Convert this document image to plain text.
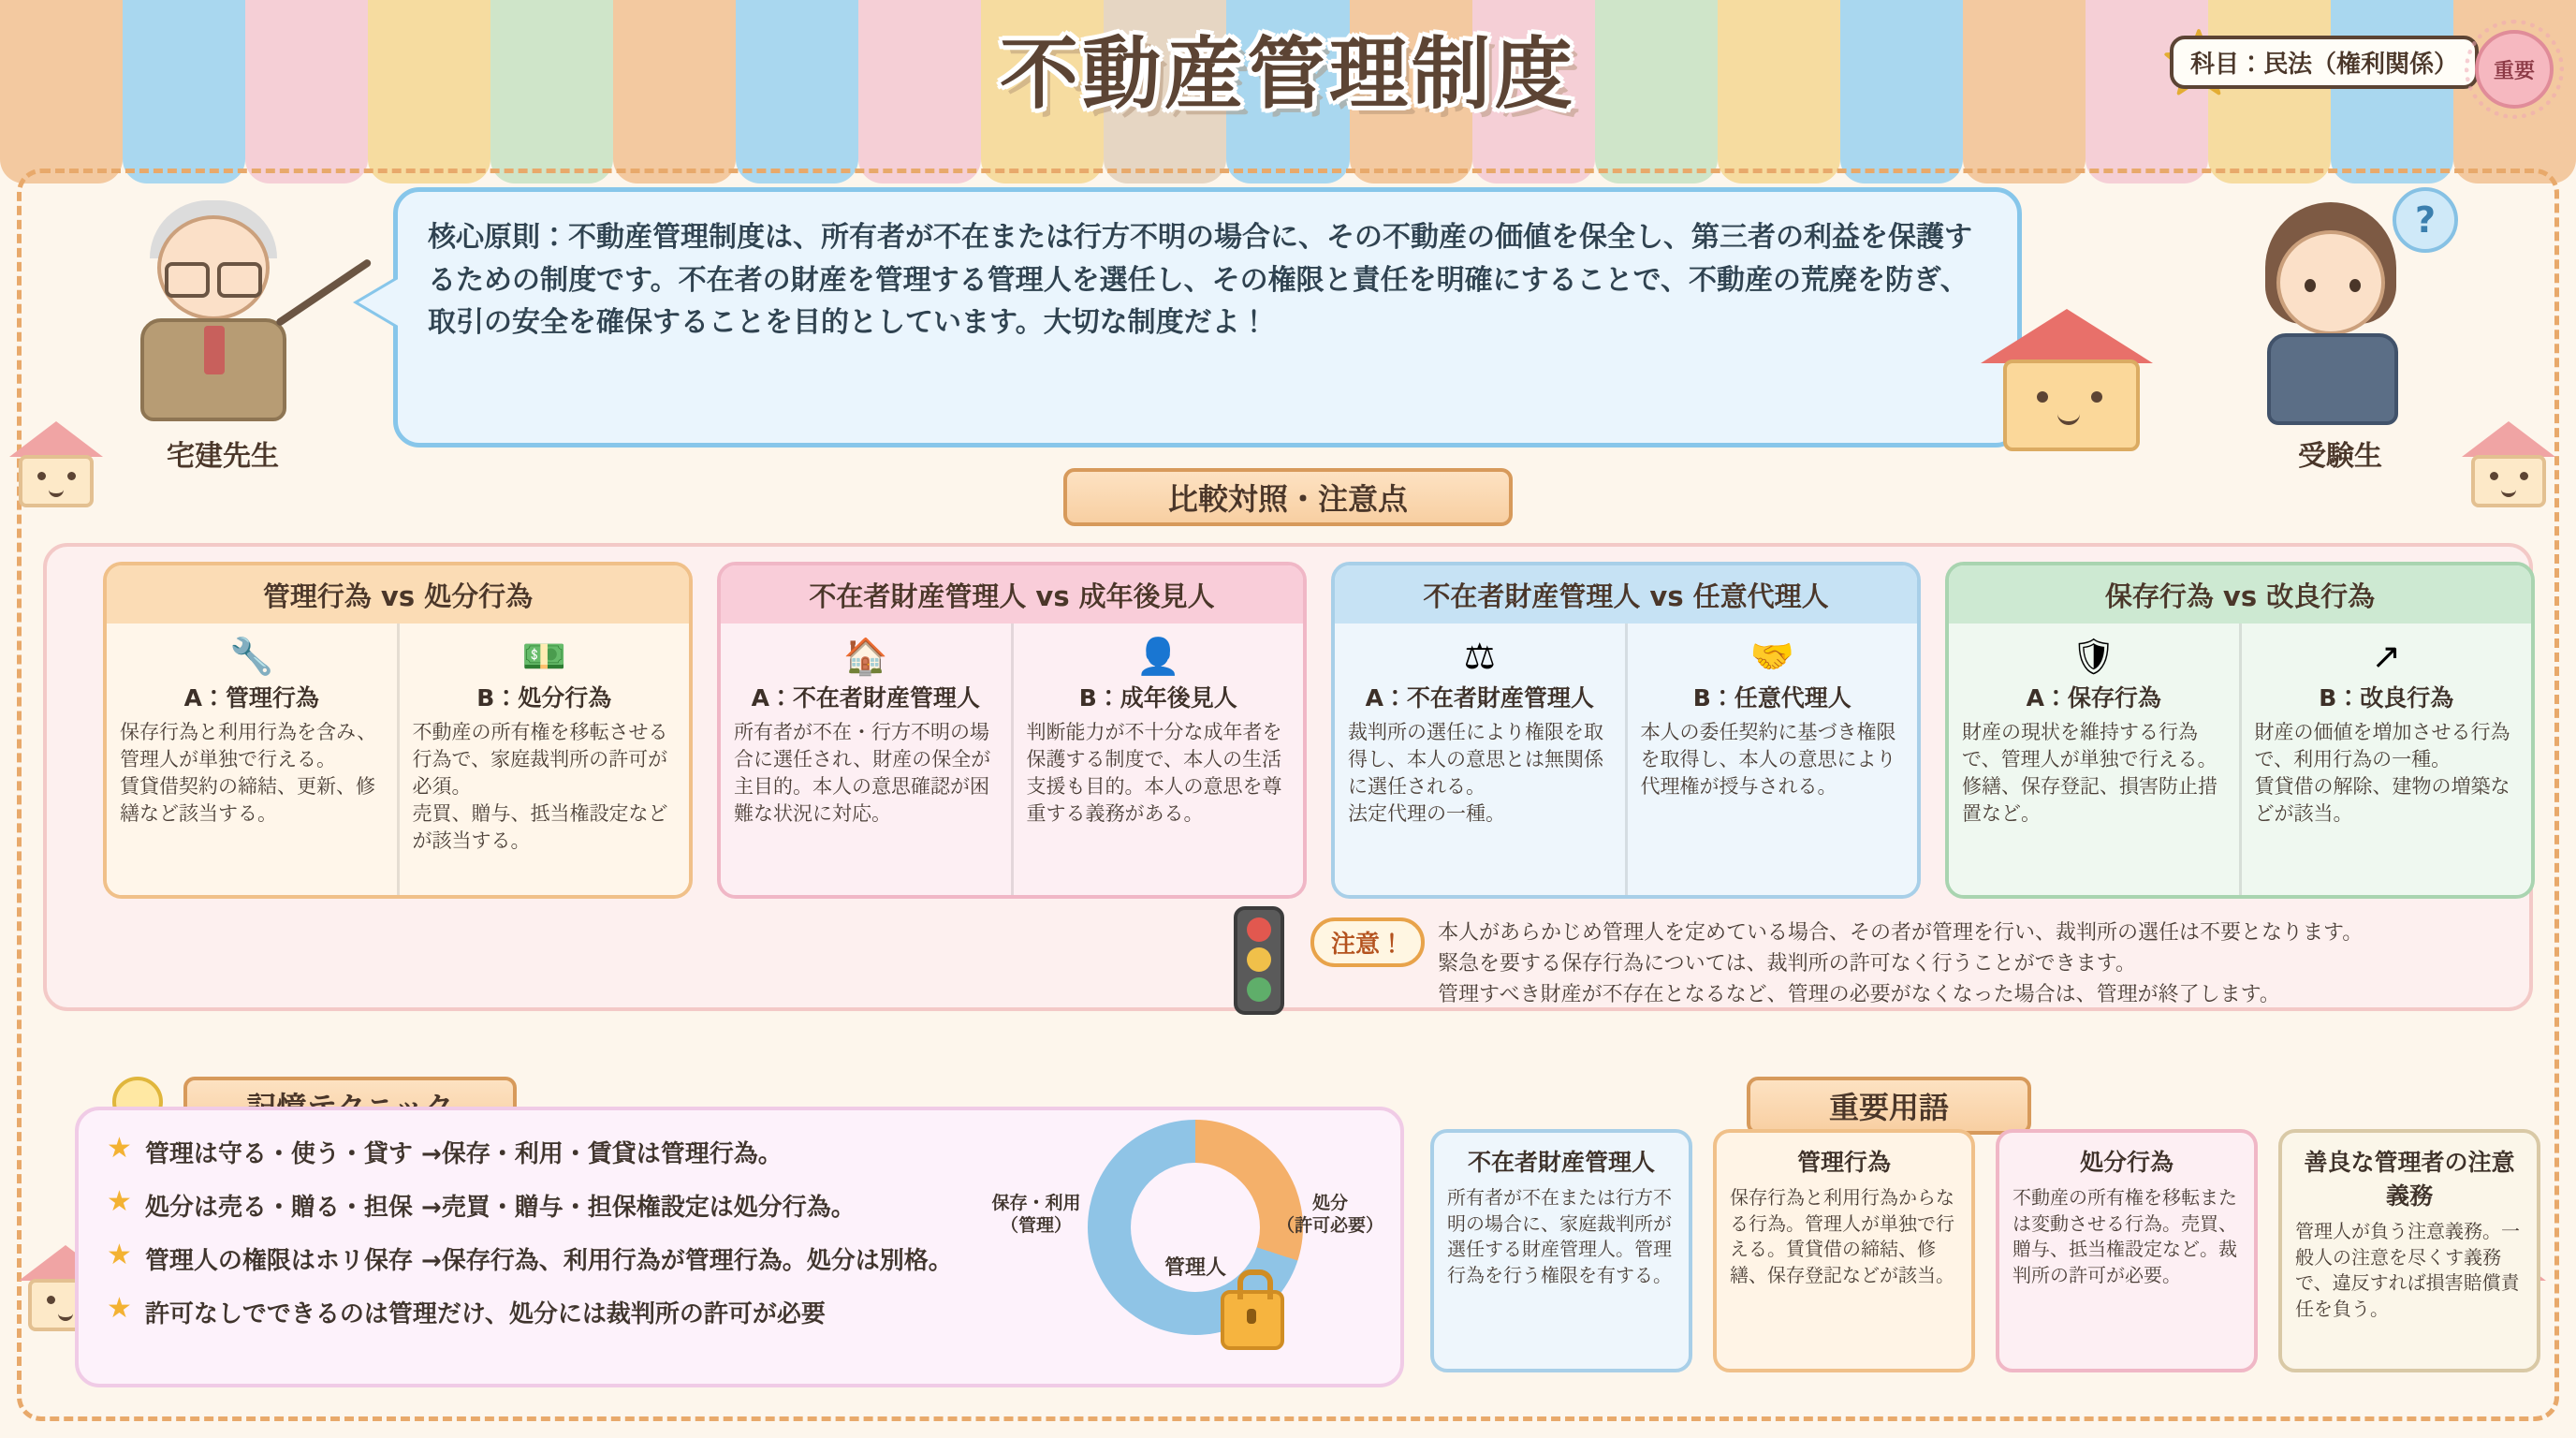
不動産管理制度	科目：民法（権利関係） 重要
宅建先生

核心原則：不動産管理制度は、所有者が不在または行方不明の場合に、その不動産の価値を保全し、第三者の利益を保護するための制度です。不在者の財産を管理する管理人を選任し、その権限と責任を明確にすることで、不動産の荒廃を防ぎ、取引の安全を確保することを目的としています。大切な制度だよ！

?
受験生
比較対照・注意点
管理行為 vs 処分行為
🔧
A：管理行為
保存行為と利用行為を含み、管理人が単独で行える。
賃貸借契約の締結、更新、修繕など該当する。
💵
B：処分行為
不動産の所有権を移転させる行為で、家庭裁判所の許可が必須。
売買、贈与、抵当権設定などが該当する。
不在者財産管理人 vs 成年後見人
🏠
A：不在者財産管理人
所有者が不在・行方不明の場合に選任され、財産の保全が主目的。本人の意思確認が困難な状況に対応。
👤
B：成年後見人
判断能力が不十分な成年者を保護する制度で、本人の生活支援も目的。本人の意思を尊重する義務がある。
不在者財産管理人 vs 任意代理人
⚖
A：不在者財産管理人
裁判所の選任により権限を取得し、本人の意思とは無関係に選任される。
法定代理の一種。
🤝
B：任意代理人
本人の委任契約に基づき権限を取得し、本人の意思により代理権が授与される。
保存行為 vs 改良行為
🛡
A：保存行為
財産の現状を維持する行為で、管理人が単独で行える。
修繕、保存登記、損害防止措置など。
↗
B：改良行為
財産の価値を増加させる行為で、利用行為の一種。
賃貸借の解除、建物の増築などが該当。
注意！	本人があらかじめ管理人を定めている場合、その者が管理を行い、裁判所の選任は不要となります。
緊急を要する保存行為については、裁判所の許可なく行うことができます。
管理すべき財産が不存在となるなど、管理の必要がなくなった場合は、管理が終了します。
★ 管理は守る・使う・貸す →保存・利用・賃貸は管理行為。
★ 処分は売る・贈る・担保 →売買・贈与・担保権設定は処分行為。
★ 管理人の権限はホリ保存 →保存行為、利用行為が管理行為。処分は別格。
★ 許可なしでできるのは管理だけ、処分には裁判所の許可が必要
管理人
保存・利用
（管理）
処分
（許可必要）
重要用語
不在者財産管理人

所有者が不在または行方不明の場合に、家庭裁判所が選任する財産管理人。管理行為を行う権限を有する。

管理行為

保存行為と利用行為からなる行為。管理人が単独で行える。賃貸借の締結、修繕、保存登記などが該当。

処分行為

不動産の所有権を移転または変動させる行為。売買、贈与、抵当権設定など。裁判所の許可が必要。

善良な管理者の注意義務

管理人が負う注意義務。一般人の注意を尽くす義務で、違反すれば損害賠償責任を負う。
